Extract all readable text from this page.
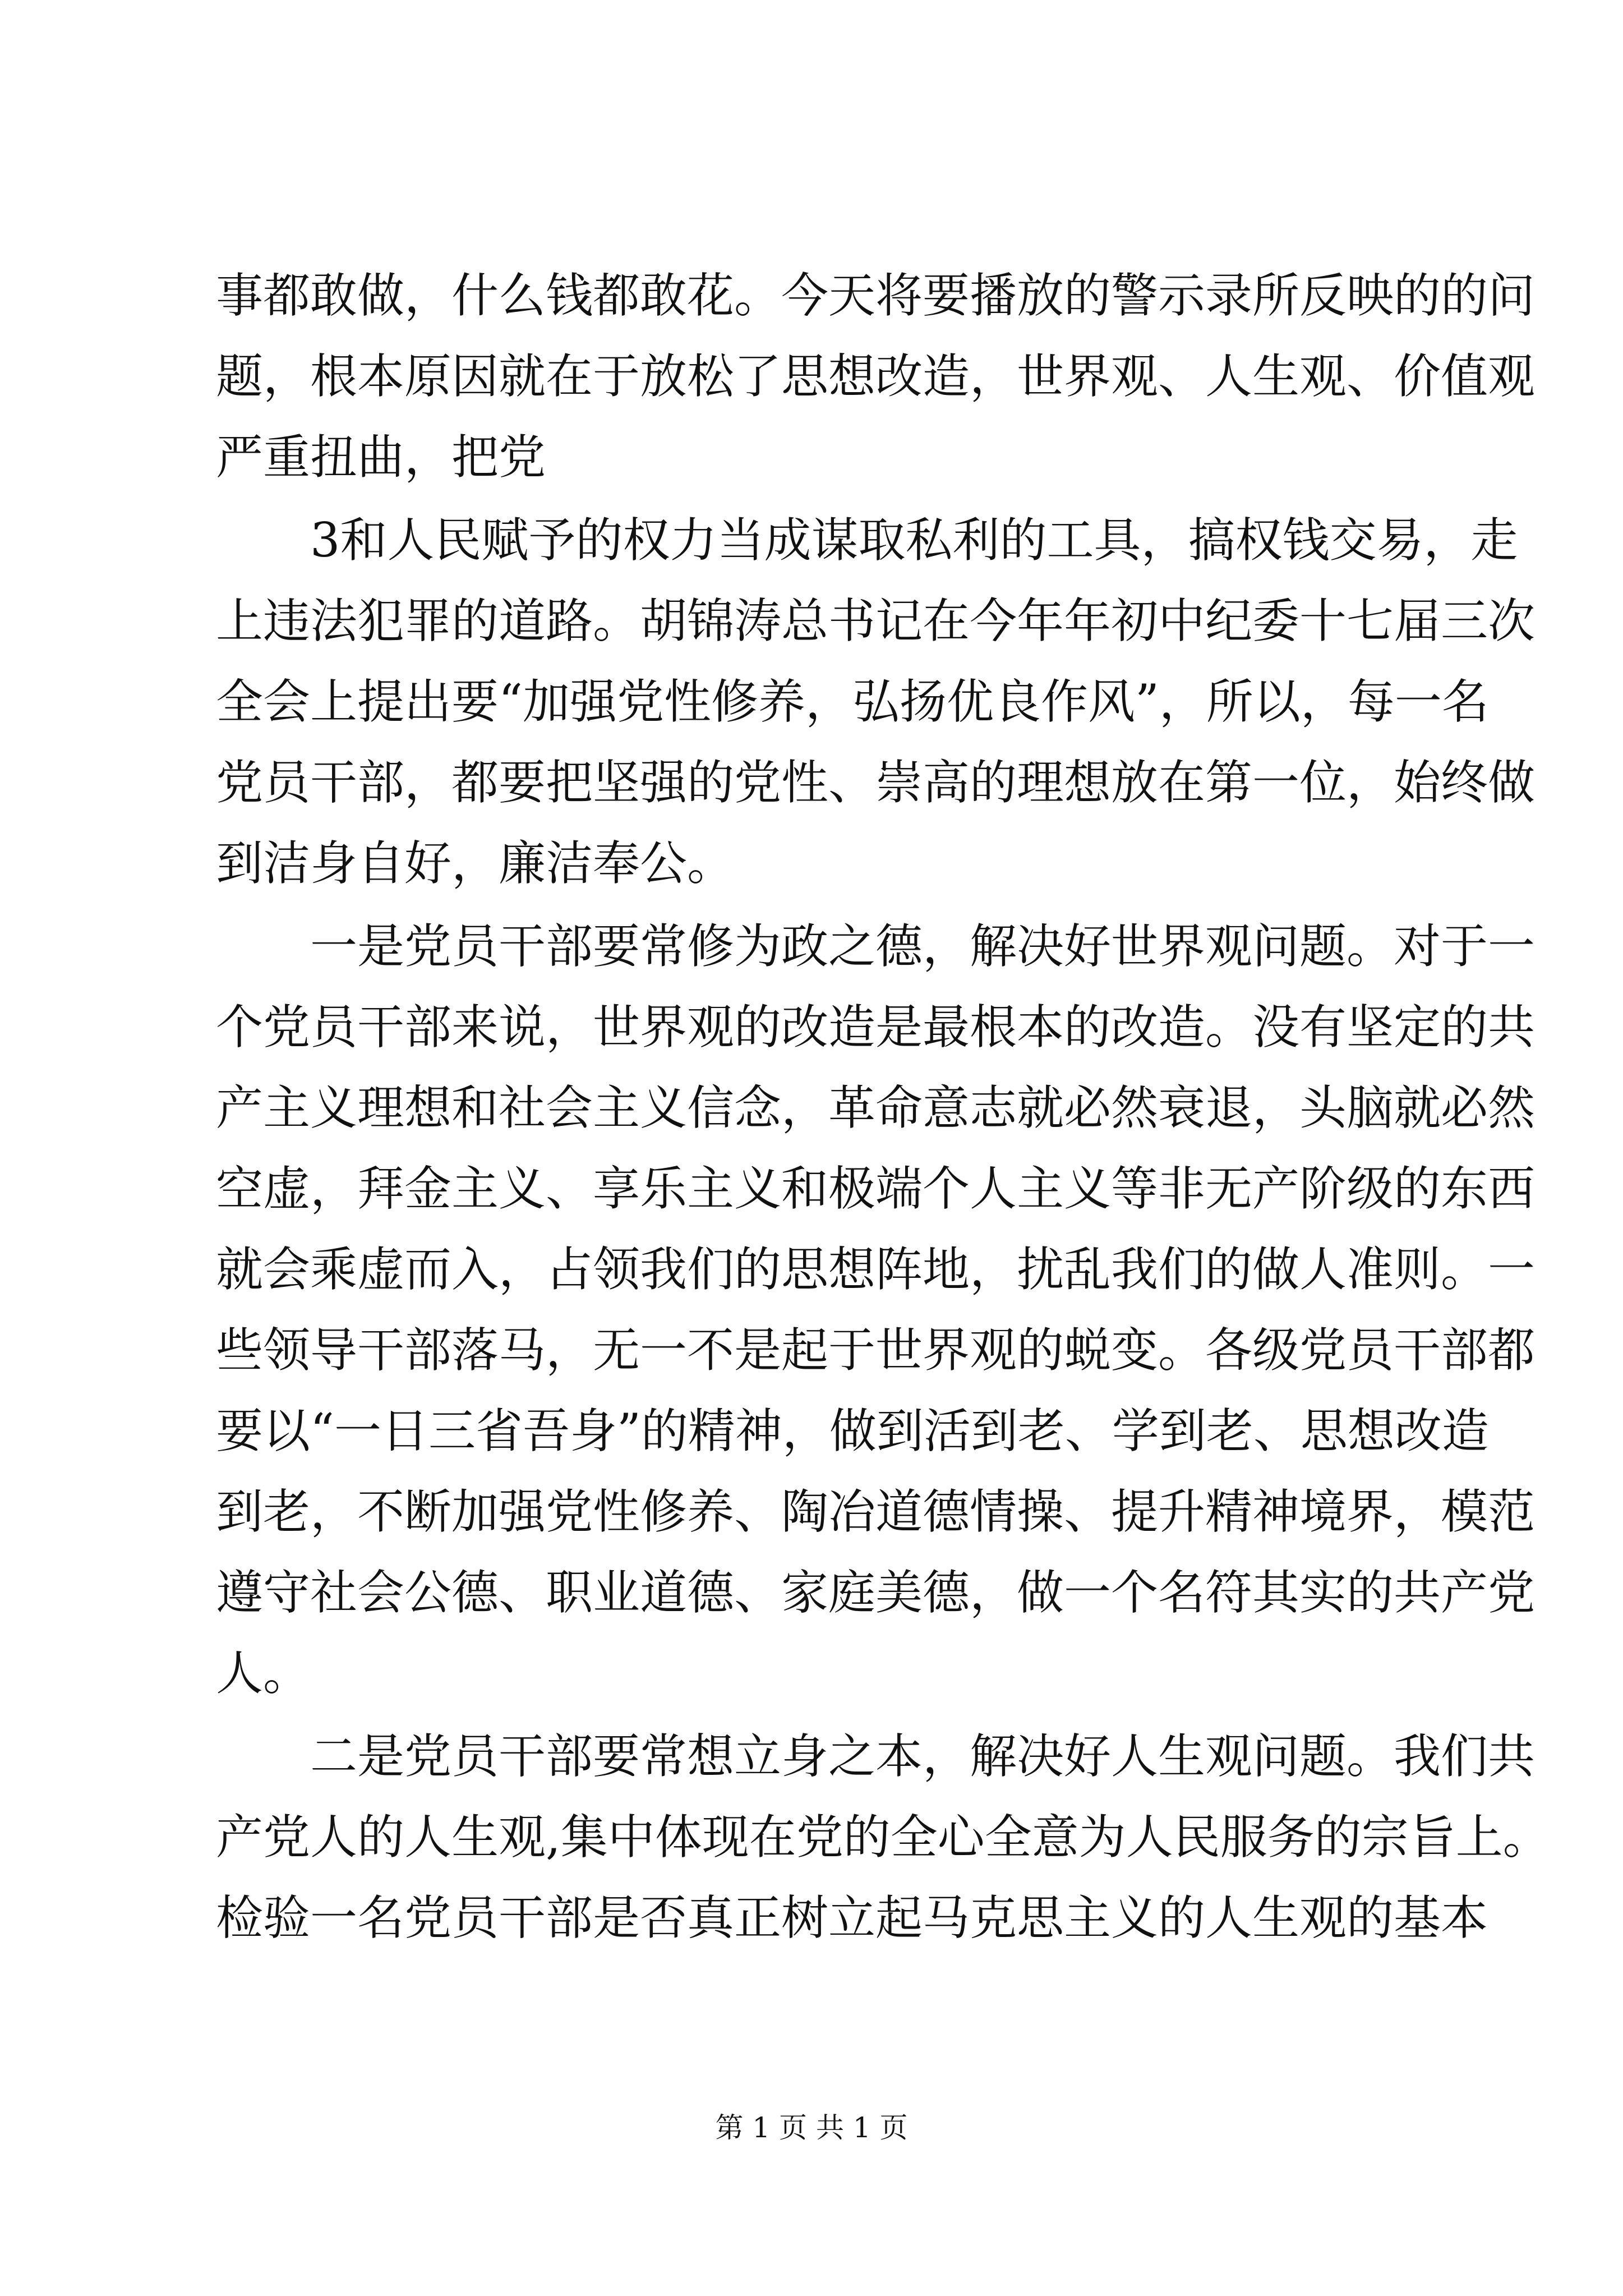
事都敢做，什么钱都敢花。今天将要播放的警示录所反映的的问
题，根本原因就在于放松了思想改造，世界观、人生观、价值观
严重扭曲，把党
3和人民赋予的权力当成谋取私利的工具，搞权钱交易，走
上违法犯罪的道路。胡锦涛总书记在今年年初中纪委十七届三次
全会上提出要“加强党性修养，弘扬优良作风”，所以，每一名
党员干部，都要把坚强的党性、崇高的理想放在第一位，始终做
到洁身自好，廉洁奉公。
一是党员干部要常修为政之德，解决好世界观问题。对于一
个党员干部来说，世界观的改造是最根本的改造。没有坚定的共
产主义理想和社会主义信念，革命意志就必然衰退，头脑就必然
空虚，拜金主义、享乐主义和极端个人主义等非无产阶级的东西
就会乘虚而入，占领我们的思想阵地，扰乱我们的做人准则。一
些领导干部落马，无一不是起于世界观的蜕变。各级党员干部都
要以“一日三省吾身”的精神，做到活到老、学到老、思想改造
到老，不断加强党性修养、陶冶道德情操、提升精神境界，模范
遵守社会公德、职业道德、家庭美德，做一个名符其实的共产党
人。
二是党员干部要常想立身之本，解决好人生观问题。我们共
产党人的人生观,集中体现在党的全心全意为人民服务的宗旨上。
检验一名党员干部是否真正树立起马克思主义的人生观的基本
第 1 页 共 1 页
